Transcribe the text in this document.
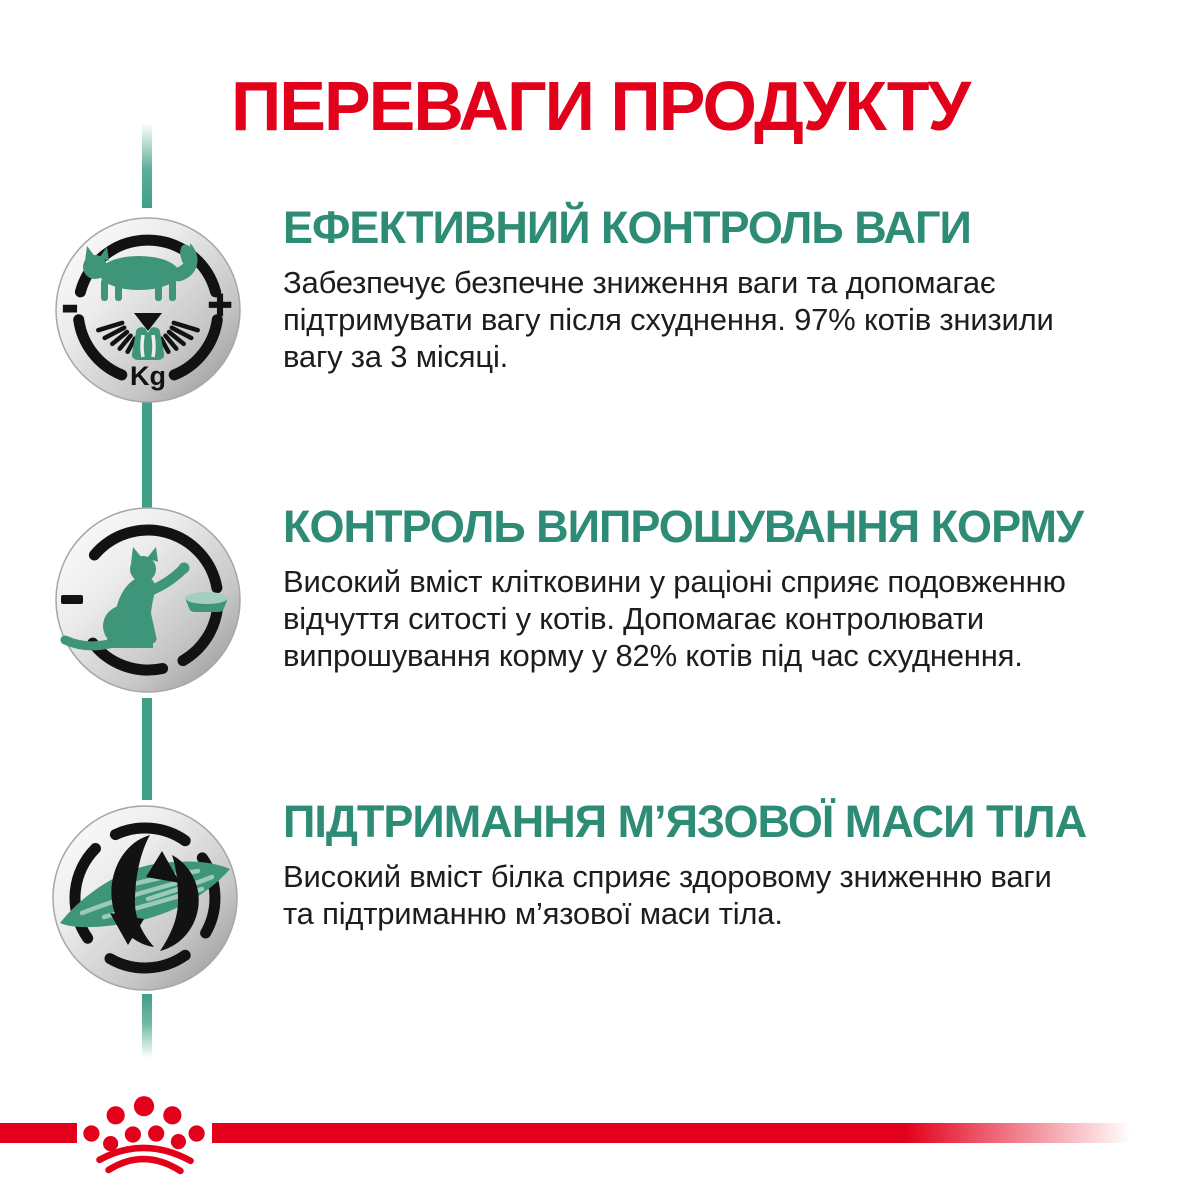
ПЕРЕВАГИ ПРОДУКТУ
-	+
Kg
ЕФЕКТИВНИЙ КОНТРОЛЬ ВАГИ
Забезпечує безпечне зниження ваги та допомагає
підтримувати вагу після схуднення. 97% котів знизили
вагу за 3 місяці.
КОНТРОЛЬ ВИПРОШУВАННЯ КОРМУ
Високий вміст клітковини у раціоні сприяє подовженню
відчуття ситості у котів. Допомагає контролювати
випрошування корму у 82% котів під час схуднення.
ПІДТРИМАННЯ М’ЯЗОВОЇ МАСИ ТІЛА
Високий вміст білка сприяє здоровому зниженню ваги
та підтриманню м’язової маси тіла.
